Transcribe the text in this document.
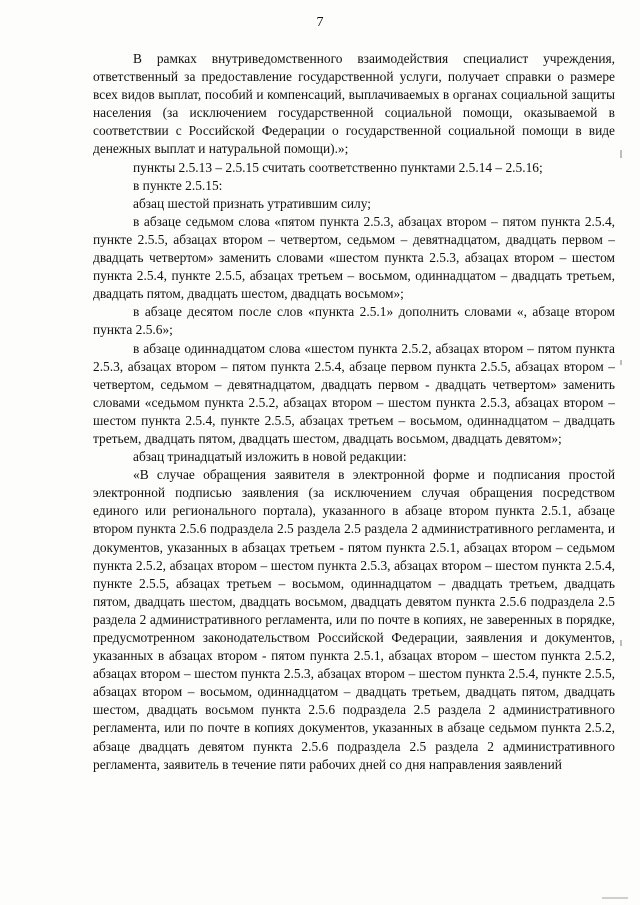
7

В рамках внутриведомственного взаимодействия специалист учреждения, ответственный за предоставление государственной услуги, получает справки о размере всех видов выплат, пособий и компенсаций, выплачиваемых в органах социальной защиты населения (за исключением государственной социальной помощи, оказываемой в соответствии с Российской Федерации о государственной социальной помощи в виде денежных выплат и натуральной помощи).»;

пункты 2.5.13 – 2.5.15 считать соответственно пунктами 2.5.14 – 2.5.16;

в пункте 2.5.15:

абзац шестой признать утратившим силу;

в абзаце седьмом слова «пятом пункта 2.5.3, абзацах втором – пятом пункта 2.5.4, пункте 2.5.5, абзацах втором – четвертом, седьмом – девятнадцатом, двадцать первом – двадцать четвертом» заменить словами «шестом пункта 2.5.3, абзацах втором – шестом пункта 2.5.4, пункте 2.5.5, абзацах третьем – восьмом, одиннадцатом – двадцать третьем, двадцать пятом, двадцать шестом, двадцать восьмом»;

в абзаце десятом после слов «пункта 2.5.1» дополнить словами «, абзаце втором пункта 2.5.6»;

в абзаце одиннадцатом слова «шестом пункта 2.5.2, абзацах втором – пятом пункта 2.5.3, абзацах втором – пятом пункта 2.5.4, абзаце первом пункта 2.5.5, абзацах втором – четвертом, седьмом – девятнадцатом, двадцать первом - двадцать четвертом» заменить словами «седьмом пункта 2.5.2, абзацах втором – шестом пункта 2.5.3, абзацах втором – шестом пункта 2.5.4, пункте 2.5.5, абзацах третьем – восьмом, одиннадцатом – двадцать третьем, двадцать пятом, двадцать шестом, двадцать восьмом, двадцать девятом»;

абзац тринадцатый изложить в новой редакции:

«В случае обращения заявителя в электронной форме и подписания простой электронной подписью заявления (за исключением случая обращения посредством единого или регионального портала), указанного в абзаце втором пункта 2.5.1, абзаце втором пункта 2.5.6 подраздела 2.5 раздела 2.5 раздела 2 административного регламента, и документов, указанных в абзацах третьем - пятом пункта 2.5.1, абзацах втором – седьмом пункта 2.5.2, абзацах втором – шестом пункта 2.5.3, абзацах втором – шестом пункта 2.5.4, пункте 2.5.5, абзацах третьем – восьмом, одиннадцатом – двадцать третьем, двадцать пятом, двадцать шестом, двадцать восьмом, двадцать девятом пункта 2.5.6 подраздела 2.5 раздела 2 административного регламента, или по почте в копиях, не заверенных в порядке, предусмотренном законодательством Российской Федерации, заявления и документов, указанных в абзацах втором - пятом пункта 2.5.1, абзацах втором – шестом пункта 2.5.2, абзацах втором – шестом пункта 2.5.3, абзацах втором – шестом пункта 2.5.4, пункте 2.5.5, абзацах втором – восьмом, одиннадцатом – двадцать третьем, двадцать пятом, двадцать шестом, двадцать восьмом пункта 2.5.6 подраздела 2.5 раздела 2 административного регламента, или по почте в копиях документов, указанных в абзаце седьмом пункта 2.5.2, абзаце двадцать девятом пункта 2.5.6 подраздела 2.5 раздела 2 административного регламента, заявитель в течение пяти рабочих дней со дня направления заявлений
